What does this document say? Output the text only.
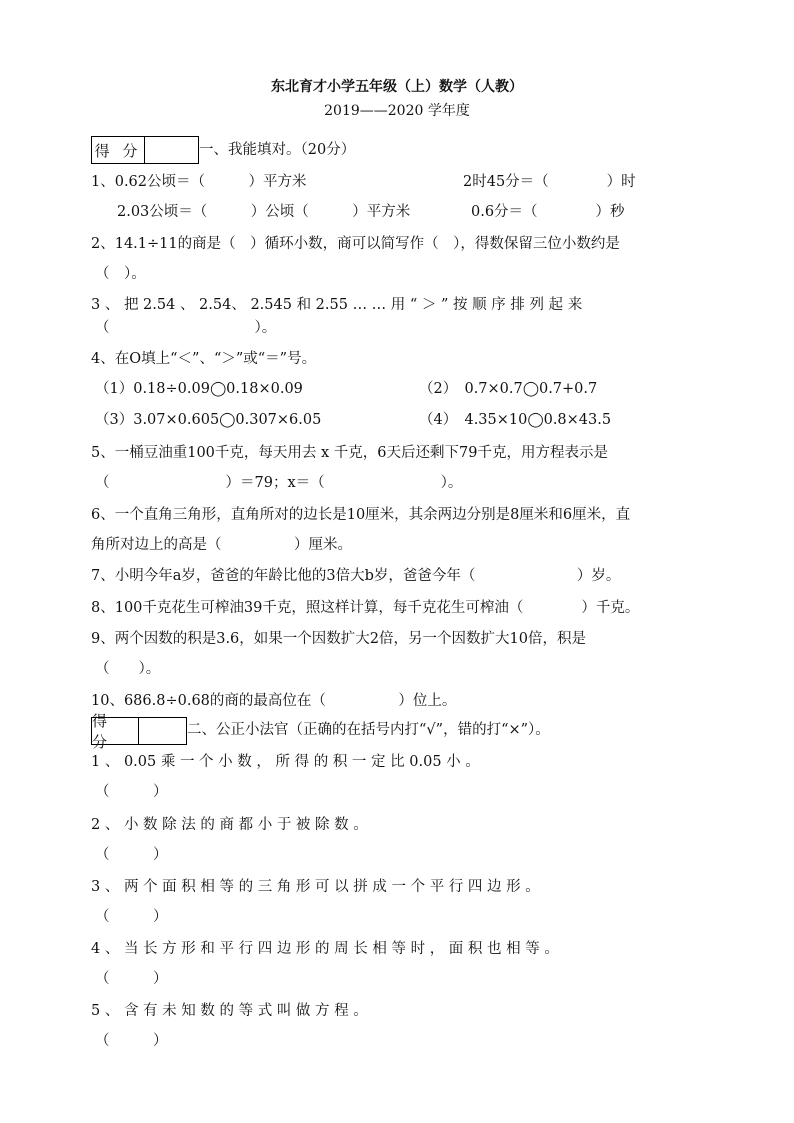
东北育才小学五年级（上）数学（人教）
2019——2020 学年度
得 分	一、我能填对。（20分）
1、0.62公顷＝（　　　）平方米	2时45分＝（　　　　）时
2.03公顷＝（　　　）公顷（　　　）平方米	0.6分＝（　　　　）秒
2、14.1÷11的商是（　）循环小数，商可以简写作（　），得数保留三位小数约是
（　）。
3 、 把 2.54 、 2.54、 2.545 和 2.55 … … 用 “ ＞ ” 按 顺 序 排 列 起 来
（　　　　　　　　　　）。
4、在O填上“＜”、“＞”或“＝”号。
（1）0.18÷0.09◯0.18×0.09	（2）　0.7×0.7◯0.7+0.7
（3）3.07×0.605◯0.307×6.05	（4）　4.35×10◯0.8×43.5
5、一桶豆油重100千克，每天用去 x 千克，6天后还剩下79千克，用方程表示是
（　　　　　　　　）＝79；x＝（　　　　　　　　）。
6、一个直角三角形，直角所对的边长是10厘米，其余两边分别是8厘米和6厘米，直
角所对边上的高是（　　　　　）厘米。
7、小明今年a岁，爸爸的年龄比他的3倍大b岁，爸爸今年（　　　　　　　）岁。
8、100千克花生可榨油39千克，照这样计算，每千克花生可榨油（　　　　）千克。
9、两个因数的积是3.6，如果一个因数扩大2倍，另一个因数扩大10倍，积是
（　　）。
10、686.8÷0.68的商的最高位在（　　　　　）位上。
得 分
二、公正小法官（正确的在括号内打“√”，错的打“×”）。
1 、 0.05 乘 一 个 小 数 ， 所 得 的 积 一 定 比 0.05 小 。
（　　　）
2 、 小 数 除 法 的 商 都 小 于 被 除 数 。
（　　　）
3 、 两 个 面 积 相 等 的 三 角 形 可 以 拼 成 一 个 平 行 四 边 形 。
（　　　）
4 、 当 长 方 形 和 平 行 四 边 形 的 周 长 相 等 时 ， 面 积 也 相 等 。
（　　　）
5 、 含 有 未 知 数 的 等 式 叫 做 方 程 。
（　　　）
